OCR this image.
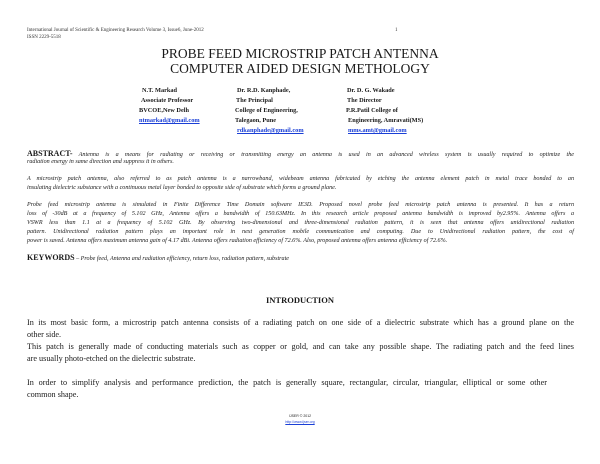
International Journal of Scientific & Engineering Research Volume 3, Issue6, June-2012	1
ISSN 2229-5518
PROBE FEED MICROSTRIP PATCH ANTENNA
COMPUTER AIDED DESIGN METHOLOGY
N.T. Markad
Associate Professor
BVCOE,New Delh
ntmarkad@gmail.com
Dr. R.D. Kanphade,
The Principal
College of Engineering,
Talegaon, Pune
rdkanphade@gmail.com
Dr. D. G. Wakade
The Director
P.R.Patil College of
Engineering, Amravati(MS)
mms.amt@gmail.com
ABSTRACT- Antenna is a means for radiating or receiving or transmitting energy an antenna is used in an advanced wireless system is usually required to optimize the
radiation energy in same direction and suppress it in others.
A microstrip patch antenna, also referred to as patch antenna is a narrowband, widebeam antenna fabricated by etching the antenna element patch in metal trace bonded to an
insulating dielectric substance with a continuous metal layer bonded to opposite side of substrate which forms a ground plane.
Probe feed microstrip antenna is simulated in Finite Difference Time Domain software IE3D. Proposed novel probe feed microstrip patch antenna is presented. It has a return
loss of -30dB at a frequency of 5.102 GHz, Antenna offers a bandwidth of 150.63MHz. In this research article proposed antenna bandwidth is improved by2.95%. Antenna offers a
VSWR less than 1.1 at a frequency of 5.102 GHz. By observing two-dimensional and three-dimensional radiation pattern, it is seen that antenna offers unidirectional radiation
pattern. Unidirectional radiation pattern plays an important role in next generation mobile communication and computing. Due to Unidirectional radiation pattern, the cost of
power is saved. Antenna offers maximum antenna gain of 4.17 dBi. Antenna offers radiation efficiency of 72.6%. Also, proposed antenna offers antenna efficiency of 72.6%.
KEYWORDS – Probe feed, Antenna and radiation efficiency, return loss, radiation pattern, substrate
INTRODUCTION
In its most basic form, a microstrip patch antenna consists of a radiating patch on one side of a dielectric substrate which has a ground plane on the
other side.
This patch is generally made of conducting materials such as copper or gold, and can take any possible shape. The radiating patch and the feed lines
are usually photo-etched on the dielectric substrate.
In order to simplify analysis and performance prediction, the patch is generally square, rectangular, circular, triangular, elliptical or some other
common shape.
IJSER © 2012
http://www.ijser.org
